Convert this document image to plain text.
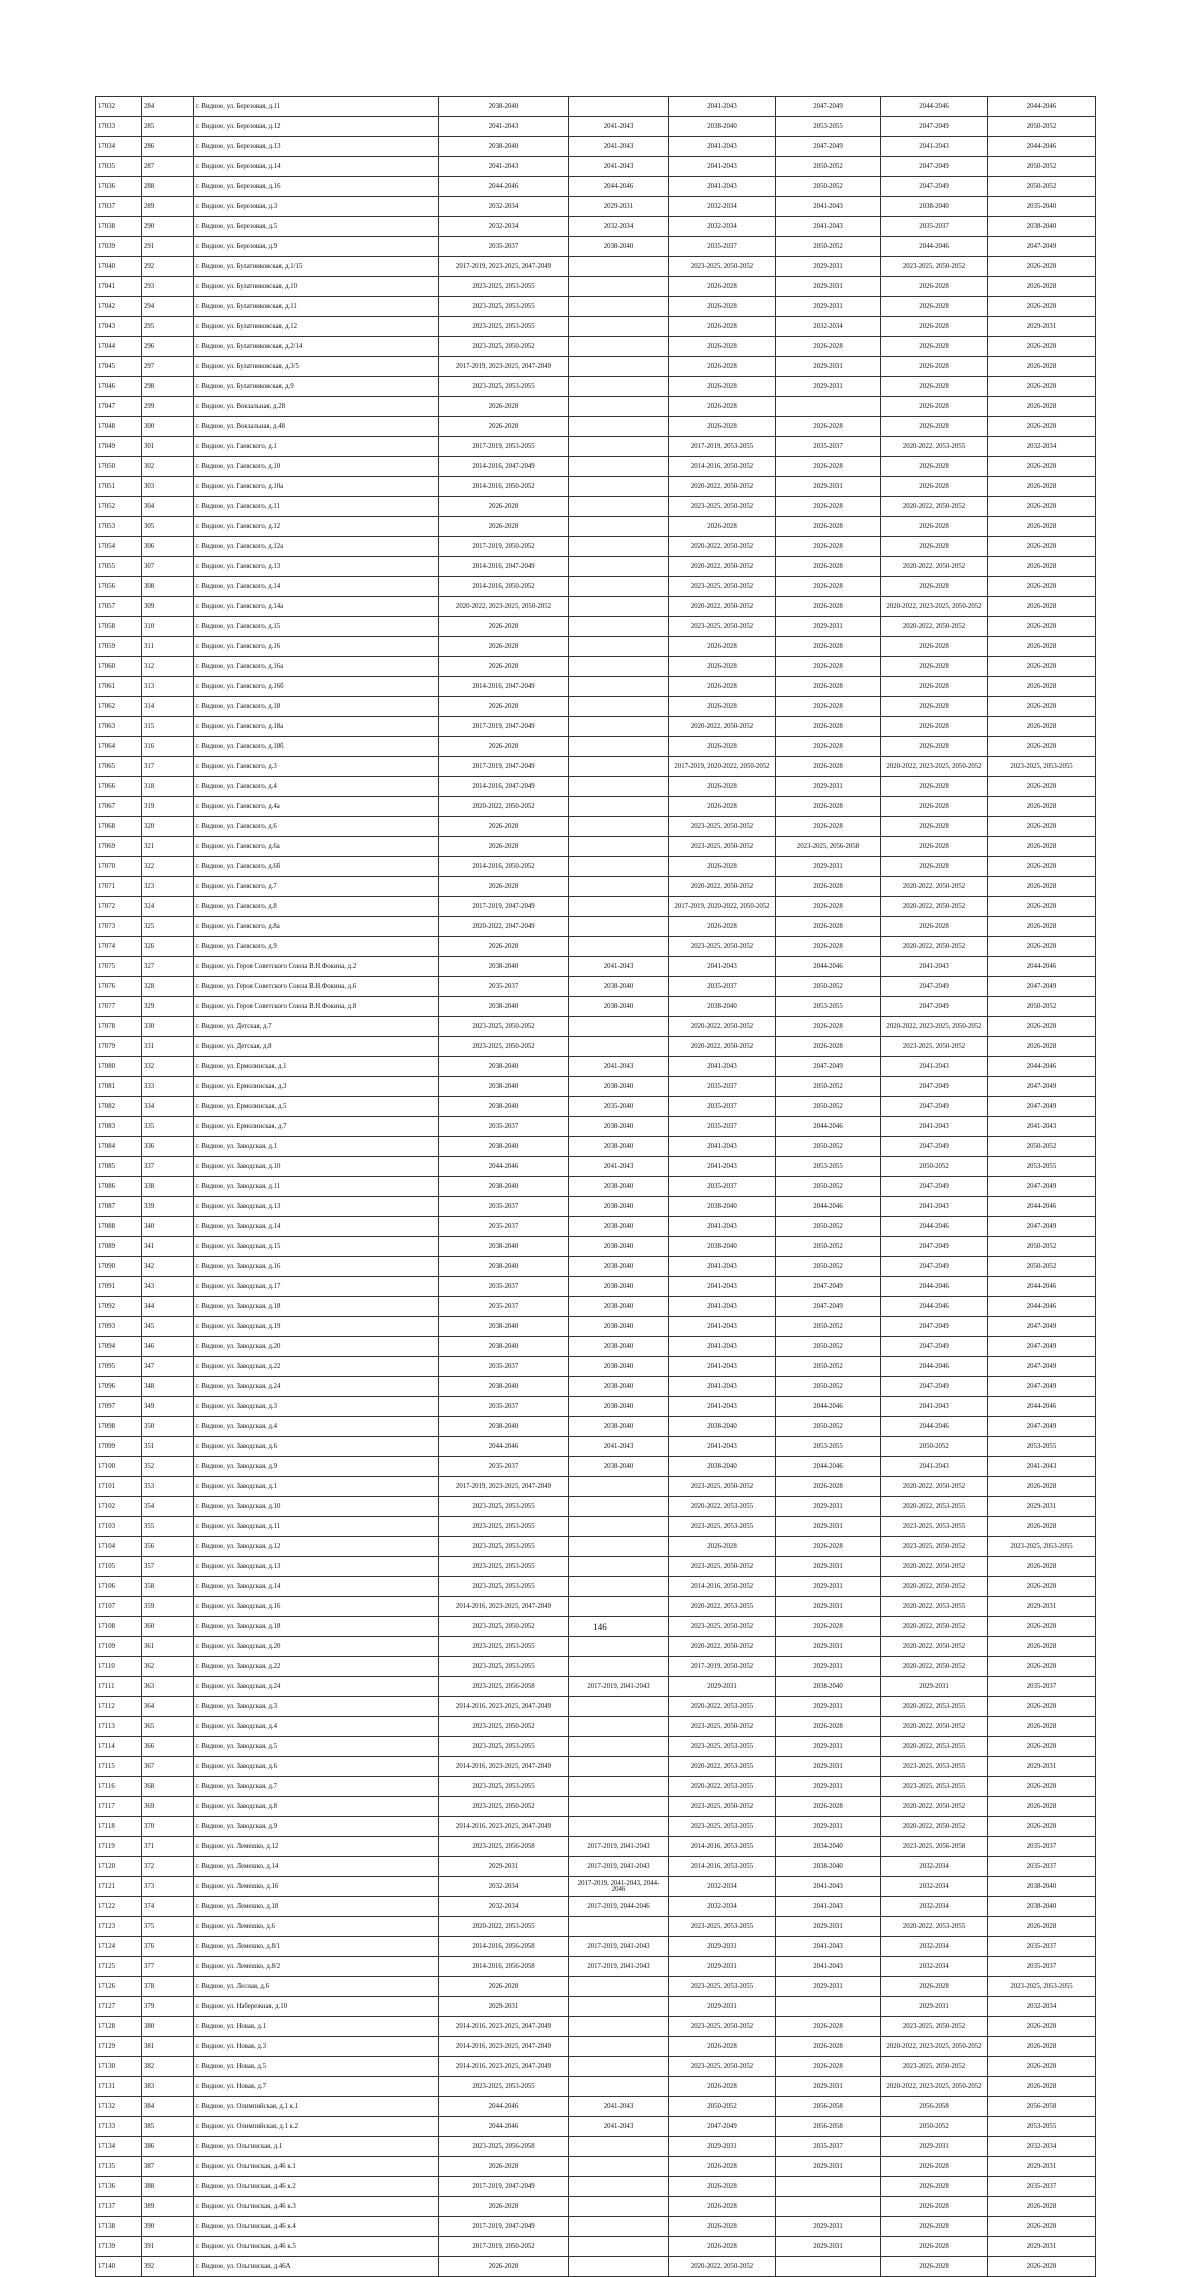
17032	284	г. Видное, ул. Березовая, д.11	2038-2040		2041-2043	2047-2049	2044-2046	2044-2046
17033	285	г. Видное, ул. Березовая, д.12	2041-2043	2041-2043	2038-2040	2053-2055	2047-2049	2050-2052
17034	286	г. Видное, ул. Березовая, д.13	2038-2040	2041-2043	2041-2043	2047-2049	2041-2043	2044-2046
17035	287	г. Видное, ул. Березовая, д.14	2041-2043	2041-2043	2041-2043	2050-2052	2047-2049	2050-2052
17036	288	г. Видное, ул. Березовая, д.16	2044-2046	2044-2046	2041-2043	2050-2052	2047-2049	2050-2052
17037	289	г. Видное, ул. Березовая, д.3	2032-2034	2029-2031	2032-2034	2041-2043	2038-2040	2035-2040
17038	290	г. Видное, ул. Березовая, д.5	2032-2034	2032-2034	2032-2034	2041-2043	2035-2037	2038-2040
17039	291	г. Видное, ул. Березовая, д.9	2035-2037	2038-2040	2035-2037	2050-2052	2044-2046	2047-2049
17040	292	г. Видное, ул. Булатниковская, д.1/15	2017-2019, 2023-2025, 2047-2049		2023-2025, 2050-2052	2029-2031	2023-2025, 2050-2052	2026-2028
17041	293	г. Видное, ул. Булатниковская, д.10	2023-2025, 2053-2055		2026-2028	2029-2031	2026-2028	2026-2028
17042	294	г. Видное, ул. Булатниковская, д.11	2023-2025, 2053-2055		2026-2028	2029-2031	2026-2028	2026-2028
17043	295	г. Видное, ул. Булатниковская, д.12	2023-2025, 2053-2055		2026-2028	2032-2034	2026-2028	2029-2031
17044	296	г. Видное, ул. Булатниковская, д.2/14	2023-2025, 2050-2052		2026-2028	2026-2028	2026-2028	2026-2028
17045	297	г. Видное, ул. Булатниковская, д.3/5	2017-2019, 2023-2025, 2047-2049		2026-2028	2029-2031	2026-2028	2026-2028
17046	298	г. Видное, ул. Булатниковская, д.9	2023-2025, 2053-2055		2026-2028	2029-2031	2026-2028	2026-2028
17047	299	г. Видное, ул. Вокзальная, д.28	2026-2028		2026-2028		2026-2028	2026-2028
17048	300	г. Видное, ул. Вокзальная, д.48	2026-2028		2026-2028	2026-2028	2026-2028	2026-2028
17049	301	г. Видное, ул. Гаевского, д.1	2017-2019, 2053-2055		2017-2019, 2053-2055	2035-2037	2020-2022, 2053-2055	2032-2034
17050	302	г. Видное, ул. Гаевского, д.10	2014-2016, 2047-2049		2014-2016, 2050-2052	2026-2028	2026-2028	2026-2028
17051	303	г. Видное, ул. Гаевского, д.10а	2014-2016, 2050-2052		2020-2022, 2050-2052	2029-2031	2026-2028	2026-2028
17052	304	г. Видное, ул. Гаевского, д.11	2026-2028		2023-2025, 2050-2052	2026-2028	2020-2022, 2050-2052	2026-2028
17053	305	г. Видное, ул. Гаевского, д.12	2026-2028		2026-2028	2026-2028	2026-2028	2026-2028
17054	306	г. Видное, ул. Гаевского, д.12а	2017-2019, 2050-2052		2020-2022, 2050-2052	2026-2028	2026-2028	2026-2028
17055	307	г. Видное, ул. Гаевского, д.13	2014-2016, 2047-2049		2020-2022, 2050-2052	2026-2028	2020-2022, 2050-2052	2026-2028
17056	308	г. Видное, ул. Гаевского, д.14	2014-2016, 2050-2052		2023-2025, 2050-2052	2026-2028	2026-2028	2026-2028
17057	309	г. Видное, ул. Гаевского, д.14а	2020-2022, 2023-2025, 2050-2052		2020-2022, 2050-2052	2026-2028	2020-2022, 2023-2025, 2050-2052	2026-2028
17058	310	г. Видное, ул. Гаевского, д.15	2026-2028		2023-2025, 2050-2052	2029-2031	2020-2022, 2050-2052	2026-2028
17059	311	г. Видное, ул. Гаевского, д.16	2026-2028		2026-2028	2026-2028	2026-2028	2026-2028
17060	312	г. Видное, ул. Гаевского, д.16а	2026-2028		2026-2028	2026-2028	2026-2028	2026-2028
17061	313	г. Видное, ул. Гаевского, д.16б	2014-2016, 2047-2049		2026-2028	2026-2028	2026-2028	2026-2028
17062	314	г. Видное, ул. Гаевского, д.18	2026-2028		2026-2028	2026-2028	2026-2028	2026-2028
17063	315	г. Видное, ул. Гаевского, д.18а	2017-2019, 2047-2049		2020-2022, 2050-2052	2026-2028	2026-2028	2026-2028
17064	316	г. Видное, ул. Гаевского, д.18б	2026-2028		2026-2028	2026-2028	2026-2028	2026-2028
17065	317	г. Видное, ул. Гаевского, д.3	2017-2019, 2047-2049		2017-2019, 2020-2022, 2050-2052	2026-2028	2020-2022, 2023-2025, 2050-2052	2023-2025, 2053-2055
17066	318	г. Видное, ул. Гаевского, д.4	2014-2016, 2047-2049		2026-2028	2029-2031	2026-2028	2026-2028
17067	319	г. Видное, ул. Гаевского, д.4а	2020-2022, 2050-2052		2026-2028	2026-2028	2026-2028	2026-2028
17068	320	г. Видное, ул. Гаевского, д.6	2026-2028		2023-2025, 2050-2052	2026-2028	2026-2028	2026-2028
17069	321	г. Видное, ул. Гаевского, д.6а	2026-2028		2023-2025, 2050-2052	2023-2025, 2056-2058	2026-2028	2026-2028
17070	322	г. Видное, ул. Гаевского, д.6б	2014-2016, 2050-2052		2026-2028	2029-2031	2026-2028	2026-2028
17071	323	г. Видное, ул. Гаевского, д.7	2026-2028		2020-2022, 2050-2052	2026-2028	2020-2022, 2050-2052	2026-2028
17072	324	г. Видное, ул. Гаевского, д.8	2017-2019, 2047-2049		2017-2019, 2020-2022, 2050-2052	2026-2028	2020-2022, 2050-2052	2026-2028
17073	325	г. Видное, ул. Гаевского, д.8а	2020-2022, 2047-2049		2026-2028	2026-2028	2026-2028	2026-2028
17074	326	г. Видное, ул. Гаевского, д.9	2026-2028		2023-2025, 2050-2052	2026-2028	2020-2022, 2050-2052	2026-2028
17075	327	г. Видное, ул. Героя Советского Союза В.Н.Фокина, д.2	2038-2040	2041-2043	2041-2043	2044-2046	2041-2043	2044-2046
17076	328	г. Видное, ул. Героя Советского Союза В.Н.Фокина, д.6	2035-2037	2038-2040	2035-2037	2050-2052	2047-2049	2047-2049
17077	329	г. Видное, ул. Героя Советского Союза В.Н.Фокина, д.8	2038-2040	2038-2040	2038-2040	2053-2055	2047-2049	2050-2052
17078	330	г. Видное, ул. Детская, д.7	2023-2025, 2050-2052		2020-2022, 2050-2052	2026-2028	2020-2022, 2023-2025, 2050-2052	2026-2028
17079	331	г. Видное, ул. Детская, д.8	2023-2025, 2050-2052		2020-2022, 2050-2052	2026-2028	2023-2025, 2050-2052	2026-2028
17080	332	г. Видное, ул. Ермолинская, д.1	2038-2040	2041-2043	2041-2043	2047-2049	2041-2043	2044-2046
17081	333	г. Видное, ул. Ермолинская, д.3	2038-2040	2038-2040	2035-2037	2050-2052	2047-2049	2047-2049
17082	334	г. Видное, ул. Ермолинская, д.5	2038-2040	2035-2040	2035-2037	2050-2052	2047-2049	2047-2049
17083	335	г. Видное, ул. Ермолинская, д.7	2035-2037	2038-2040	2035-2037	2044-2046	2041-2043	2041-2043
17084	336	г. Видное, ул. Заводская, д.1	2038-2040	2038-2040	2041-2043	2050-2052	2047-2049	2050-2052
17085	337	г. Видное, ул. Заводская, д.10	2044-2046	2041-2043	2041-2043	2053-2055	2050-2052	2053-2055
17086	338	г. Видное, ул. Заводская, д.11	2038-2040	2038-2040	2035-2037	2050-2052	2047-2049	2047-2049
17087	339	г. Видное, ул. Заводская, д.13	2035-2037	2038-2040	2038-2040	2044-2046	2041-2043	2044-2046
17088	340	г. Видное, ул. Заводская, д.14	2035-2037	2038-2040	2041-2043	2050-2052	2044-2046	2047-2049
17089	341	г. Видное, ул. Заводская, д.15	2038-2040	2038-2040	2038-2040	2050-2052	2047-2049	2050-2052
17090	342	г. Видное, ул. Заводская, д.16	2038-2040	2038-2040	2041-2043	2050-2052	2047-2049	2050-2052
17091	343	г. Видное, ул. Заводская, д.17	2035-2037	2038-2040	2041-2043	2047-2049	2044-2046	2044-2046
17092	344	г. Видное, ул. Заводская, д.18	2035-2037	2038-2040	2041-2043	2047-2049	2044-2046	2044-2046
17093	345	г. Видное, ул. Заводская, д.19	2038-2040	2038-2040	2041-2043	2050-2052	2047-2049	2047-2049
17094	346	г. Видное, ул. Заводская, д.20	2038-2040	2038-2040	2041-2043	2050-2052	2047-2049	2047-2049
17095	347	г. Видное, ул. Заводская, д.22	2035-2037	2038-2040	2041-2043	2050-2052	2044-2046	2047-2049
17096	348	г. Видное, ул. Заводская, д.24	2038-2040	2038-2040	2041-2043	2050-2052	2047-2049	2047-2049
17097	349	г. Видное, ул. Заводская, д.3	2035-2037	2038-2040	2041-2043	2044-2046	2041-2043	2044-2046
17098	350	г. Видное, ул. Заводская, д.4	2038-2040	2038-2040	2038-2040	2050-2052	2044-2046	2047-2049
17099	351	г. Видное, ул. Заводская, д.6	2044-2046	2041-2043	2041-2043	2053-2055	2050-2052	2053-2055
17100	352	г. Видное, ул. Заводская, д.9	2035-2037	2038-2040	2038-2040	2044-2046	2041-2043	2041-2043
17101	353	г. Видное, ул. Заводская, д.1	2017-2019, 2023-2025, 2047-2049		2023-2025, 2050-2052	2026-2028	2020-2022, 2050-2052	2026-2028
17102	354	г. Видное, ул. Заводская, д.10	2023-2025, 2053-2055		2020-2022, 2053-2055	2029-2031	2020-2022, 2053-2055	2029-2031
17103	355	г. Видное, ул. Заводская, д.11	2023-2025, 2053-2055		2023-2025, 2053-2055	2029-2031	2023-2025, 2053-2055	2026-2028
17104	356	г. Видное, ул. Заводская, д.12	2023-2025, 2053-2055		2026-2028	2026-2028	2023-2025, 2050-2052	2023-2025, 2053-2055
17105	357	г. Видное, ул. Заводская, д.13	2023-2025, 2053-2055		2023-2025, 2050-2052	2029-2031	2020-2022, 2050-2052	2026-2028
17106	358	г. Видное, ул. Заводская, д.14	2023-2025, 2053-2055		2014-2016, 2050-2052	2029-2031	2020-2022, 2050-2052	2026-2028
17107	359	г. Видное, ул. Заводская, д.16	2014-2016, 2023-2025, 2047-2049		2020-2022, 2053-2055	2029-2031	2020-2022, 2053-2055	2029-2031
17108	360	г. Видное, ул. Заводская, д.18	2023-2025, 2050-2052		2023-2025, 2050-2052	2026-2028	2020-2022, 2050-2052	2026-2028
17109	361	г. Видное, ул. Заводская, д.20	2023-2025, 2053-2055		2020-2022, 2050-2052	2029-2031	2020-2022, 2050-2052	2026-2028
17110	362	г. Видное, ул. Заводская, д.22	2023-2025, 2053-2055		2017-2019, 2050-2052	2029-2031	2020-2022, 2050-2052	2026-2028
17111	363	г. Видное, ул. Заводская, д.24	2023-2025, 2056-2058	2017-2019, 2041-2043	2029-2031	2038-2040	2029-2031	2035-2037
17112	364	г. Видное, ул. Заводская, д.3	2014-2016, 2023-2025, 2047-2049		2020-2022, 2053-2055	2029-2031	2020-2022, 2053-2055	2026-2028
17113	365	г. Видное, ул. Заводская, д.4	2023-2025, 2050-2052		2023-2025, 2050-2052	2026-2028	2020-2022, 2050-2052	2026-2028
17114	366	г. Видное, ул. Заводская, д.5	2023-2025, 2053-2055		2023-2025, 2053-2055	2029-2031	2020-2022, 2053-2055	2026-2028
17115	367	г. Видное, ул. Заводская, д.6	2014-2016, 2023-2025, 2047-2049		2020-2022, 2053-2055	2029-2031	2023-2025, 2053-2055	2029-2031
17116	368	г. Видное, ул. Заводская, д.7	2023-2025, 2053-2055		2020-2022, 2053-2055	2029-2031	2023-2025, 2053-2055	2026-2028
17117	369	г. Видное, ул. Заводская, д.8	2023-2025, 2050-2052		2023-2025, 2050-2052	2026-2028	2020-2022, 2050-2052	2026-2028
17118	370	г. Видное, ул. Заводская, д.9	2014-2016, 2023-2025, 2047-2049		2023-2025, 2053-2055	2029-2031	2020-2022, 2050-2052	2026-2028
17119	371	г. Видное, ул. Лемешко, д.12	2023-2025, 2056-2058	2017-2019, 2041-2043	2014-2016, 2053-2055	2034-2040	2023-2025, 2056-2058	2035-2037
17120	372	г. Видное, ул. Лемешко, д.14	2029-2031	2017-2019, 2041-2043	2014-2016, 2053-2055	2038-2040	2032-2034	2035-2037
17121	373	г. Видное, ул. Лемешко, д.16	2032-2034	2017-2019, 2041-2043, 2044-2046	2032-2034	2041-2043	2032-2034	2038-2040
17122	374	г. Видное, ул. Лемешко, д.18	2032-2034	2017-2019, 2044-2046	2032-2034	2041-2043	2032-2034	2038-2040
17123	375	г. Видное, ул. Лемешко, д.6	2020-2022, 2053-2055		2023-2025, 2053-2055	2029-2031	2020-2022, 2053-2055	2026-2028
17124	376	г. Видное, ул. Лемешко, д.8/1	2014-2016, 2056-2058	2017-2019, 2041-2043	2029-2031	2041-2043	2032-2034	2035-2037
17125	377	г. Видное, ул. Лемешко, д.8/2	2014-2016, 2056-2058	2017-2019, 2041-2043	2029-2031	2041-2043	2032-2034	2035-2037
17126	378	г. Видное, ул. Лесная, д.6	2026-2028		2023-2025, 2053-2055	2029-2031	2026-2028	2023-2025, 2053-2055
17127	379	г. Видное, ул. Набережная, д.10	2029-2031		2029-2031		2029-2031	2032-2034
17128	380	г. Видное, ул. Новая, д.1	2014-2016, 2023-2025, 2047-2049		2023-2025, 2050-2052	2026-2028	2023-2025, 2050-2052	2026-2028
17129	381	г. Видное, ул. Новая, д.3	2014-2016, 2023-2025, 2047-2049		2026-2028	2026-2028	2020-2022, 2023-2025, 2050-2052	2026-2028
17130	382	г. Видное, ул. Новая, д.5	2014-2016, 2023-2025, 2047-2049		2023-2025, 2050-2052	2026-2028	2023-2025, 2050-2052	2026-2028
17131	383	г. Видное, ул. Новая, д.7	2023-2025, 2053-2055		2026-2028	2029-2031	2020-2022, 2023-2025, 2050-2052	2026-2028
17132	384	г. Видное, ул. Олимпийская, д.1 к.1	2044-2046	2041-2043	2050-2052	2056-2058	2056-2058	2056-2058
17133	385	г. Видное, ул. Олимпийская, д.1 к.2	2044-2046	2041-2043	2047-2049	2056-2058	2050-2052	2053-2055
17134	386	г. Видное, ул. Ольгинская, д.1	2023-2025, 2056-2058		2029-2031	2035-2037	2029-2031	2032-2034
17135	387	г. Видное, ул. Ольгинская, д.46 к.1	2026-2028		2026-2028	2029-2031	2026-2028	2029-2031
17136	388	г. Видное, ул. Ольгинская, д.46 к.2	2017-2019, 2047-2049		2026-2028		2026-2028	2035-2037
17137	389	г. Видное, ул. Ольгинская, д.46 к.3	2026-2028		2026-2028		2026-2028	2026-2028
17138	390	г. Видное, ул. Ольгинская, д.46 к.4	2017-2019, 2047-2049		2026-2028	2029-2031	2026-2028	2026-2028
17139	391	г. Видное, ул. Ольгинская, д.46 к.5	2017-2019, 2050-2052		2026-2028	2029-2031	2026-2028	2029-2031
17140	392	г. Видное, ул. Ольгинская, д.46А	2026-2028		2020-2022, 2050-2052		2026-2028	2026-2028
146
